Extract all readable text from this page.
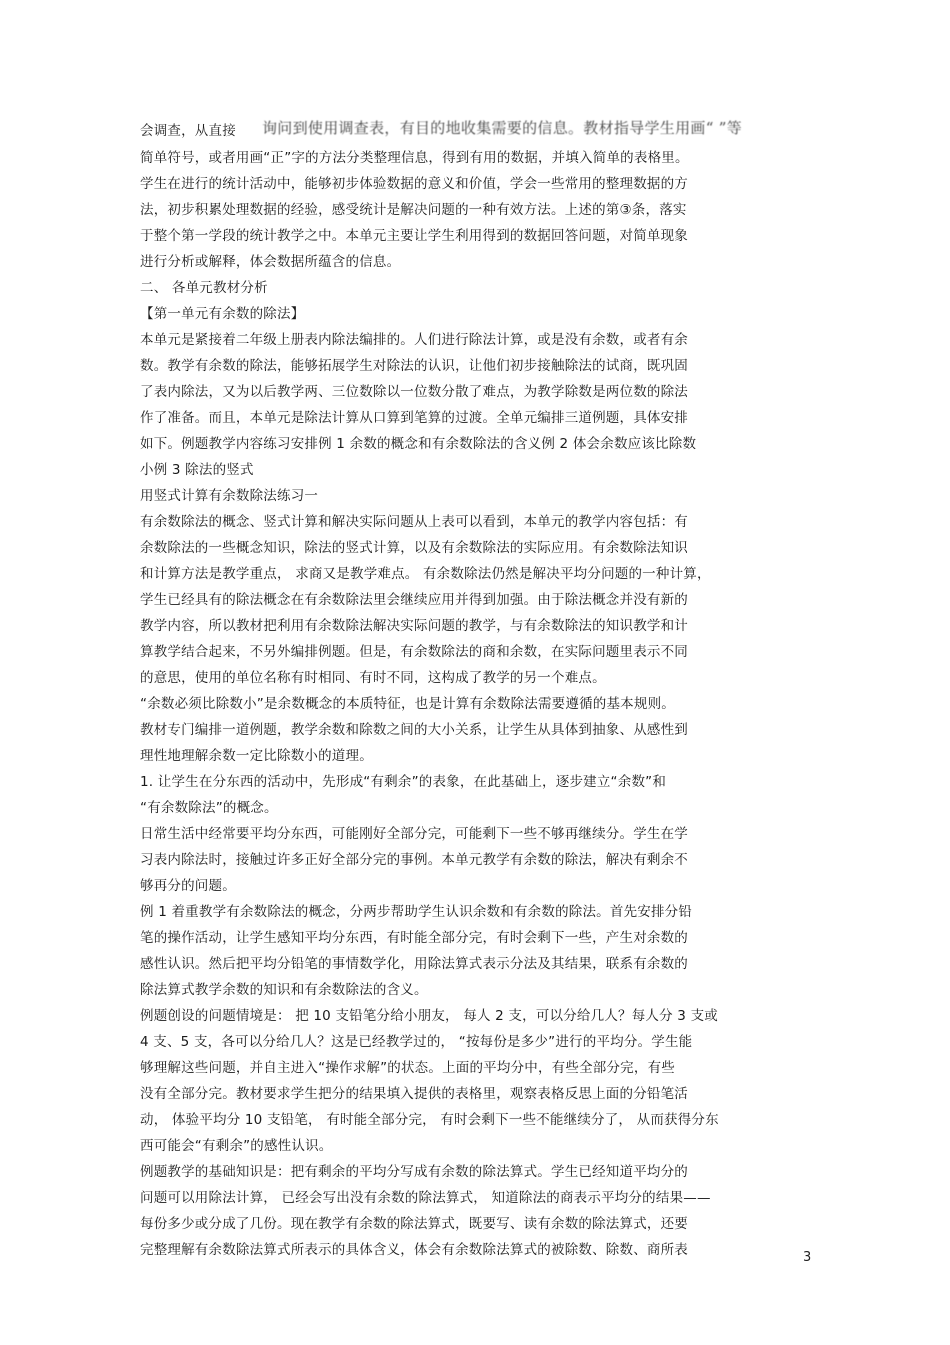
询问到使用调查表，有目的地收集需要的信息。教材指导学生用画“ ”等
会调查，从直接
简单符号，或者用画“正”字的方法分类整理信息，得到有用的数据，并填入简单的表格里。
学生在进行的统计活动中，能够初步体验数据的意义和价值，学会一些常用的整理数据的方
法，初步积累处理数据的经验，感受统计是解决问题的一种有效方法。上述的第③条，落实
于整个第一学段的统计教学之中。本单元主要让学生利用得到的数据回答问题，对简单现象
进行分析或解释，体会数据所蕴含的信息。
二、 各单元教材分析
【第一单元有余数的除法】
本单元是紧接着二年级上册表内除法编排的。人们进行除法计算，或是没有余数，或者有余
数。教学有余数的除法，能够拓展学生对除法的认识，让他们初步接触除法的试商，既巩固
了表内除法，又为以后教学两、三位数除以一位数分散了难点，为教学除数是两位数的除法
作了准备。而且，本单元是除法计算从口算到笔算的过渡。全单元编排三道例题，具体安排
如下。例题教学内容练习安排例 1 余数的概念和有余数除法的含义例 2 体会余数应该比除数
小例 3 除法的竖式
用竖式计算有余数除法练习一
有余数除法的概念、竖式计算和解决实际问题从上表可以看到，本单元的教学内容包括：有
余数除法的一些概念知识，除法的竖式计算，以及有余数除法的实际应用。有余数除法知识
和计算方法是教学重点， 求商又是教学难点。 有余数除法仍然是解决平均分问题的一种计算，
学生已经具有的除法概念在有余数除法里会继续应用并得到加强。由于除法概念并没有新的
教学内容，所以教材把利用有余数除法解决实际问题的教学，与有余数除法的知识教学和计
算教学结合起来，不另外编排例题。但是，有余数除法的商和余数，在实际问题里表示不同
的意思，使用的单位名称有时相同、有时不同，这构成了教学的另一个难点。
“余数必须比除数小”是余数概念的本质特征，也是计算有余数除法需要遵循的基本规则。
教材专门编排一道例题，教学余数和除数之间的大小关系，让学生从具体到抽象、从感性到
理性地理解余数一定比除数小的道理。
1. 让学生在分东西的活动中，先形成“有剩余”的表象，在此基础上，逐步建立“余数”和
“有余数除法”的概念。
日常生活中经常要平均分东西，可能刚好全部分完，可能剩下一些不够再继续分。学生在学
习表内除法时，接触过许多正好全部分完的事例。本单元教学有余数的除法，解决有剩余不
够再分的问题。
例 1 着重教学有余数除法的概念，分两步帮助学生认识余数和有余数的除法。首先安排分铅
笔的操作活动，让学生感知平均分东西，有时能全部分完，有时会剩下一些，产生对余数的
感性认识。然后把平均分铅笔的事情数学化，用除法算式表示分法及其结果，联系有余数的
除法算式教学余数的知识和有余数除法的含义。
例题创设的问题情境是： 把 10 支铅笔分给小朋友， 每人 2 支，可以分给几人？每人分 3 支或
4 支、5 支，各可以分给几人？这是已经教学过的， “按每份是多少”进行的平均分。学生能
够理解这些问题，并自主进入“操作求解”的状态。上面的平均分中，有些全部分完，有些
没有全部分完。教材要求学生把分的结果填入提供的表格里，观察表格反思上面的分铅笔活
动， 体验平均分 10 支铅笔， 有时能全部分完， 有时会剩下一些不能继续分了， 从而获得分东
西可能会“有剩余”的感性认识。
例题教学的基础知识是：把有剩余的平均分写成有余数的除法算式。学生已经知道平均分的
问题可以用除法计算， 已经会写出没有余数的除法算式， 知道除法的商表示平均分的结果——
每份多少或分成了几份。现在教学有余数的除法算式，既要写、读有余数的除法算式，还要
完整理解有余数除法算式所表示的具体含义，体会有余数除法算式的被除数、除数、商所表	3
